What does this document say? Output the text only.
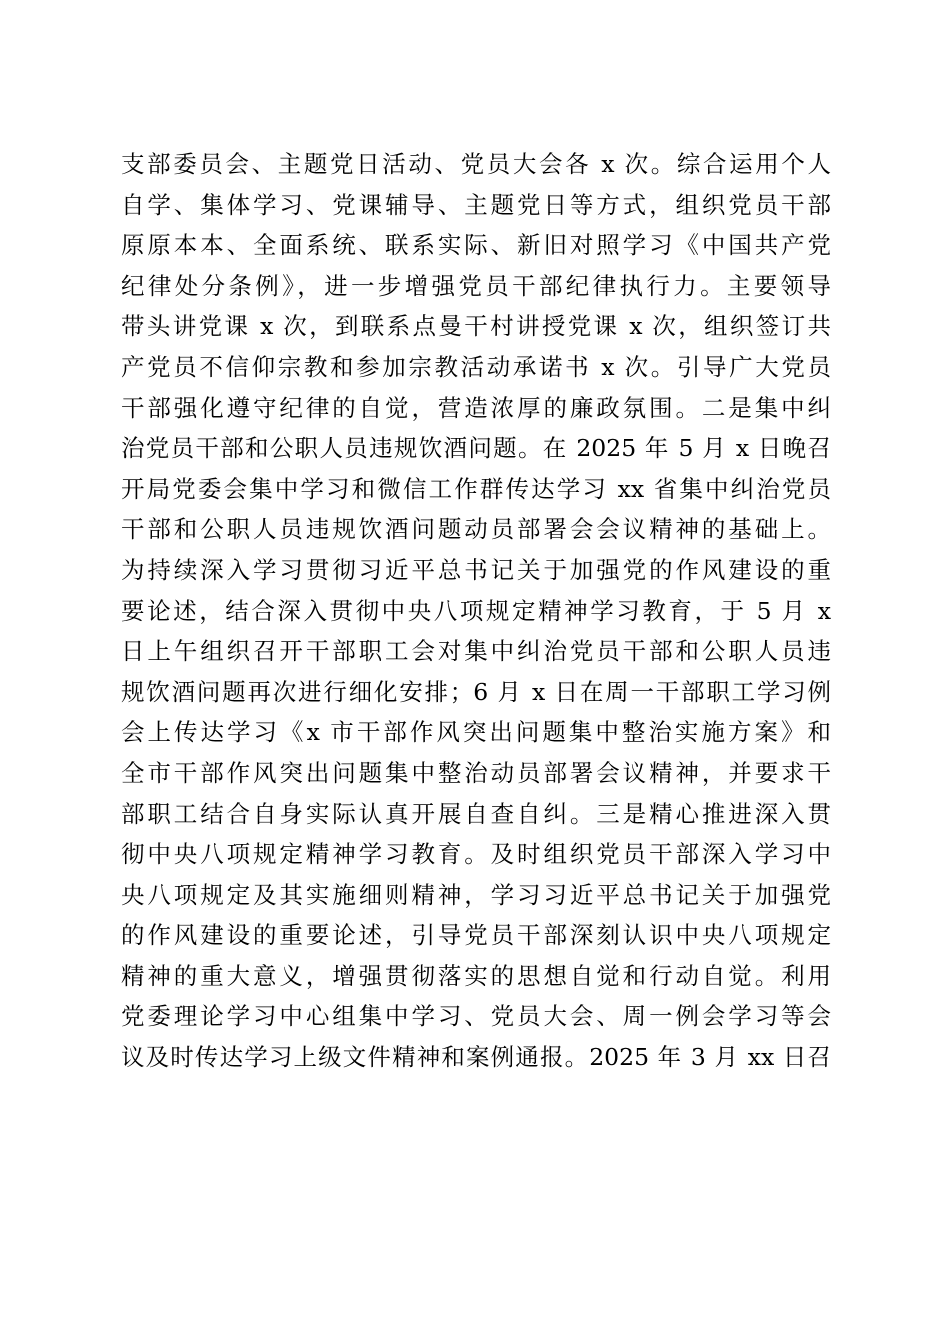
支部委员会、主题党日活动、党员大会各 x 次。综合运用个人
自学、集体学习、党课辅导、主题党日等方式，组织党员干部
原原本本、全面系统、联系实际、新旧对照学习《中国共产党
纪律处分条例》，进一步增强党员干部纪律执行力。主要领导
带头讲党课 x 次，到联系点曼干村讲授党课 x 次，组织签订共
产党员不信仰宗教和参加宗教活动承诺书 x 次。引导广大党员
干部强化遵守纪律的自觉，营造浓厚的廉政氛围。二是集中纠
治党员干部和公职人员违规饮酒问题。在 2025 年 5 月 x 日晚召
开局党委会集中学习和微信工作群传达学习 xx 省集中纠治党员
干部和公职人员违规饮酒问题动员部署会会议精神的基础上。
为持续深入学习贯彻习近平总书记关于加强党的作风建设的重
要论述，结合深入贯彻中央八项规定精神学习教育，于 5 月 x
日上午组织召开干部职工会对集中纠治党员干部和公职人员违
规饮酒问题再次进行细化安排；6 月 x 日在周一干部职工学习例
会上传达学习《x 市干部作风突出问题集中整治实施方案》和
全市干部作风突出问题集中整治动员部署会议精神，并要求干
部职工结合自身实际认真开展自查自纠。三是精心推进深入贯
彻中央八项规定精神学习教育。及时组织党员干部深入学习中
央八项规定及其实施细则精神，学习习近平总书记关于加强党
的作风建设的重要论述，引导党员干部深刻认识中央八项规定
精神的重大意义，增强贯彻落实的思想自觉和行动自觉。利用
党委理论学习中心组集中学习、党员大会、周一例会学习等会
议及时传达学习上级文件精神和案例通报。2025 年 3 月 xx 日召
